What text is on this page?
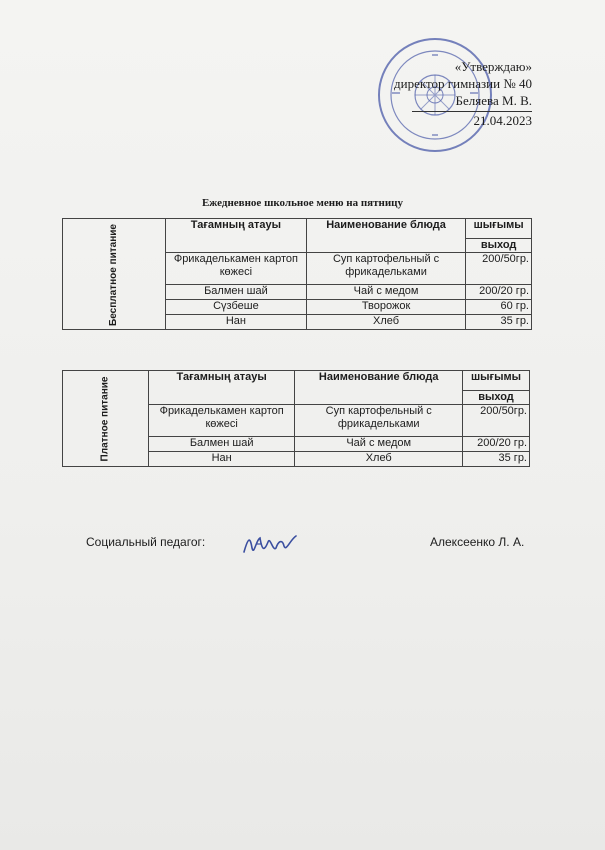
«Утверждаю»
директор гимназии № 40
Беляева М. В.
21.04.2023
Ежедневное школьное меню на пятницу
Бесплатное питание	Тағамның атауы	Наименование блюда	шығымы
			выход
	Фрикаделькамен картоп көжесі	Суп картофельный с фрикадельками	200/50гр.
	Балмен шай	Чай с медом	200/20 гр.
	Сүзбеше	Творожок	60 гр.
	Нан	Хлеб	35 гр.
Платное питание	Тағамның атауы	Наименование блюда	шығымы
			выход
	Фрикаделькамен картоп көжесі	Суп картофельный с фрикадельками	200/50гр.
	Балмен шай	Чай с медом	200/20 гр.
	Нан	Хлеб	35 гр.
Социальный педагог:	Алексеенко Л. А.
